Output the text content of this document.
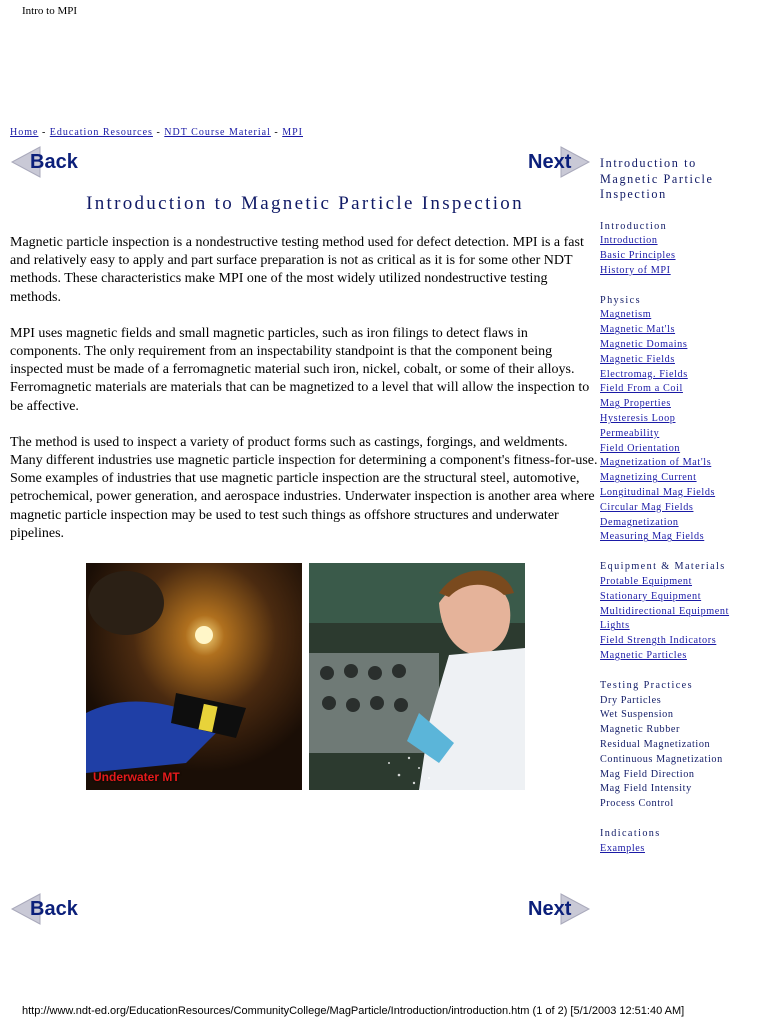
Intro to MPI
Home - Education Resources - NDT Course Material - MPI
Back	Next
Introduction to Magnetic Particle Inspection

Magnetic particle inspection is a nondestructive testing method used for defect detection. MPI is a fast and relatively easy to apply and part surface preparation is not as critical as it is for some other NDT methods. These characteristics make MPI one of the most widely utilized nondestructive testing methods.

MPI uses magnetic fields and small magnetic particles, such as iron filings to detect flaws in components. The only requirement from an inspectability standpoint is that the component being inspected must be made of a ferromagnetic material such iron, nickel, cobalt, or some of their alloys. Ferromagnetic materials are materials that can be magnetized to a level that will allow the inspection to be affective.

The method is used to inspect a variety of product forms such as castings, forgings, and weldments. Many different industries use magnetic particle inspection for determining a component's fitness-for-use. Some examples of industries that use magnetic particle inspection are the structural steel, automotive, petrochemical, power generation, and aerospace industries. Underwater inspection is another area where magnetic particle inspection may be used to test such things as offshore structures and underwater pipelines.

Underwater MT
Introduction to Magnetic Particle Inspection
Introduction
Introduction
Basic Principles
History of MPI
Physics
Magnetism
Magnetic Mat'ls
Magnetic Domains
Magnetic Fields
Electromag. Fields
Field From a Coil
Mag Properties
Hysteresis Loop
Permeability
Field Orientation
Magnetization of Mat'ls
Magnetizing Current
Longitudinal Mag Fields
Circular Mag Fields
Demagnetization
Measuring Mag Fields
Equipment & Materials
Protable Equipment
Stationary Equipment
Multidirectional Equipment
Lights
Field Strength Indicators
Magnetic Particles
Testing Practices
Dry Particles
Wet Suspension
Magnetic Rubber
Residual Magnetization
Continuous Magnetization
Mag Field Direction
Mag Field Intensity
Process Control
Indications
Examples
Back	Next
http://www.ndt-ed.org/EducationResources/CommunityCollege/MagParticle/Introduction/introduction.htm (1 of 2) [5/1/2003 12:51:40 AM]
